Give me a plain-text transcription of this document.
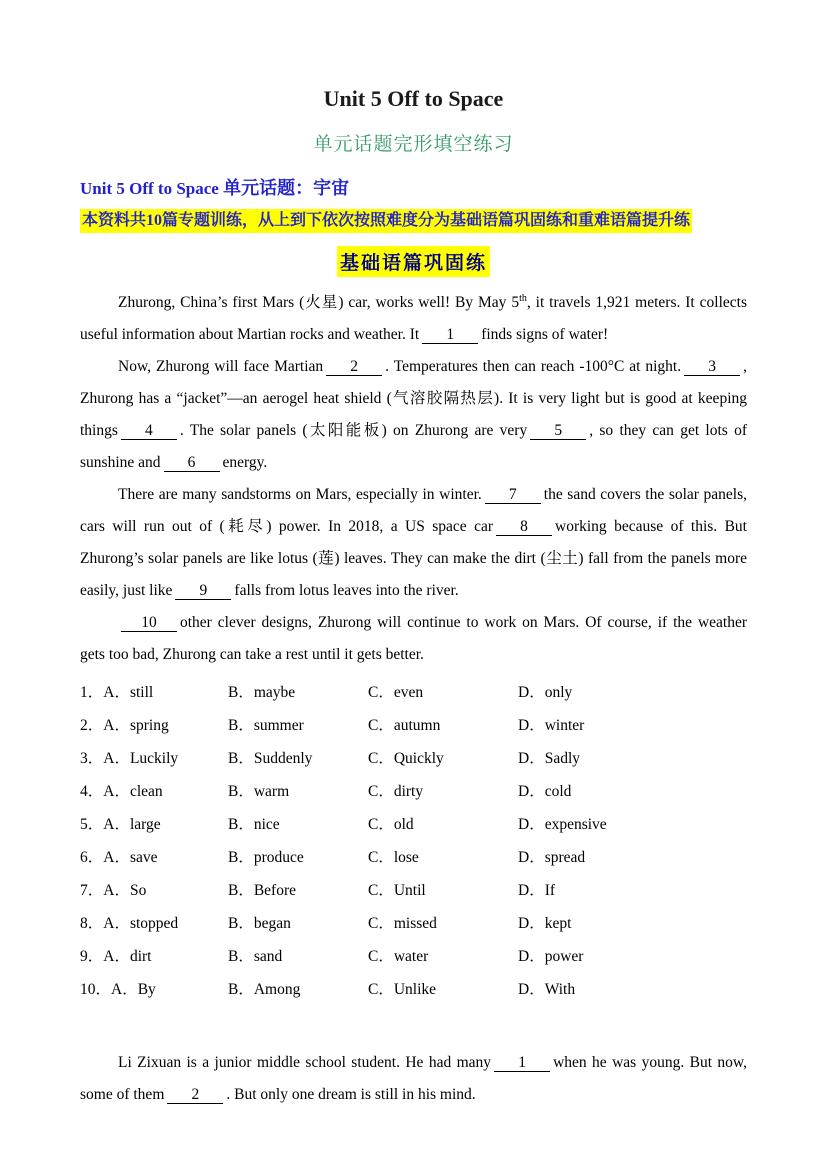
Unit 5 Off to Space
单元话题完形填空练习
Unit 5 Off to Space 单元话题：宇宙
本资料共10篇专题训练，从上到下依次按照难度分为基础语篇巩固练和重难语篇提升练
基础语篇巩固练

Zhurong, China’s first Mars (火星) car, works well! By May 5th, it travels 1,921 meters. It collects useful information about Martian rocks and weather. It 1 finds signs of water!

Now, Zhurong will face Martian 2 . Temperatures then can reach -100°C at night. 3 , Zhurong has a “jacket”—an aerogel heat shield (气溶胶隔热层). It is very light but is good at keeping things 4 . The solar panels (太阳能板) on Zhurong are very 5 , so they can get lots of sunshine and 6 energy.

There are many sandstorms on Mars, especially in winter. 7 the sand covers the solar panels, cars will run out of (耗尽) power. In 2018, a US space car 8 working because of this. But Zhurong’s solar panels are like lotus (莲) leaves. They can make the dirt (尘土) fall from the panels more easily, just like 9 falls from lotus leaves into the river.

10 other clever designs, Zhurong will continue to work on Mars. Of course, if the weather gets too bad, Zhurong can take a rest until it gets better.

1．A．still	B．maybe	C．even	D．only
2．A．spring	B．summer	C．autumn	D．winter
3．A．Luckily	B．Suddenly	C．Quickly	D．Sadly
4．A．clean	B．warm	C．dirty	D．cold
5．A．large	B．nice	C．old	D．expensive
6．A．save	B．produce	C．lose	D．spread
7．A．So	B．Before	C．Until	D．If
8．A．stopped	B．began	C．missed	D．kept
9．A．dirt	B．sand	C．water	D．power
10．A．By	B．Among	C．Unlike	D．With

Li Zixuan is a junior middle school student. He had many 1 when he was young. But now, some of them 2 . But only one dream is still in his mind.
